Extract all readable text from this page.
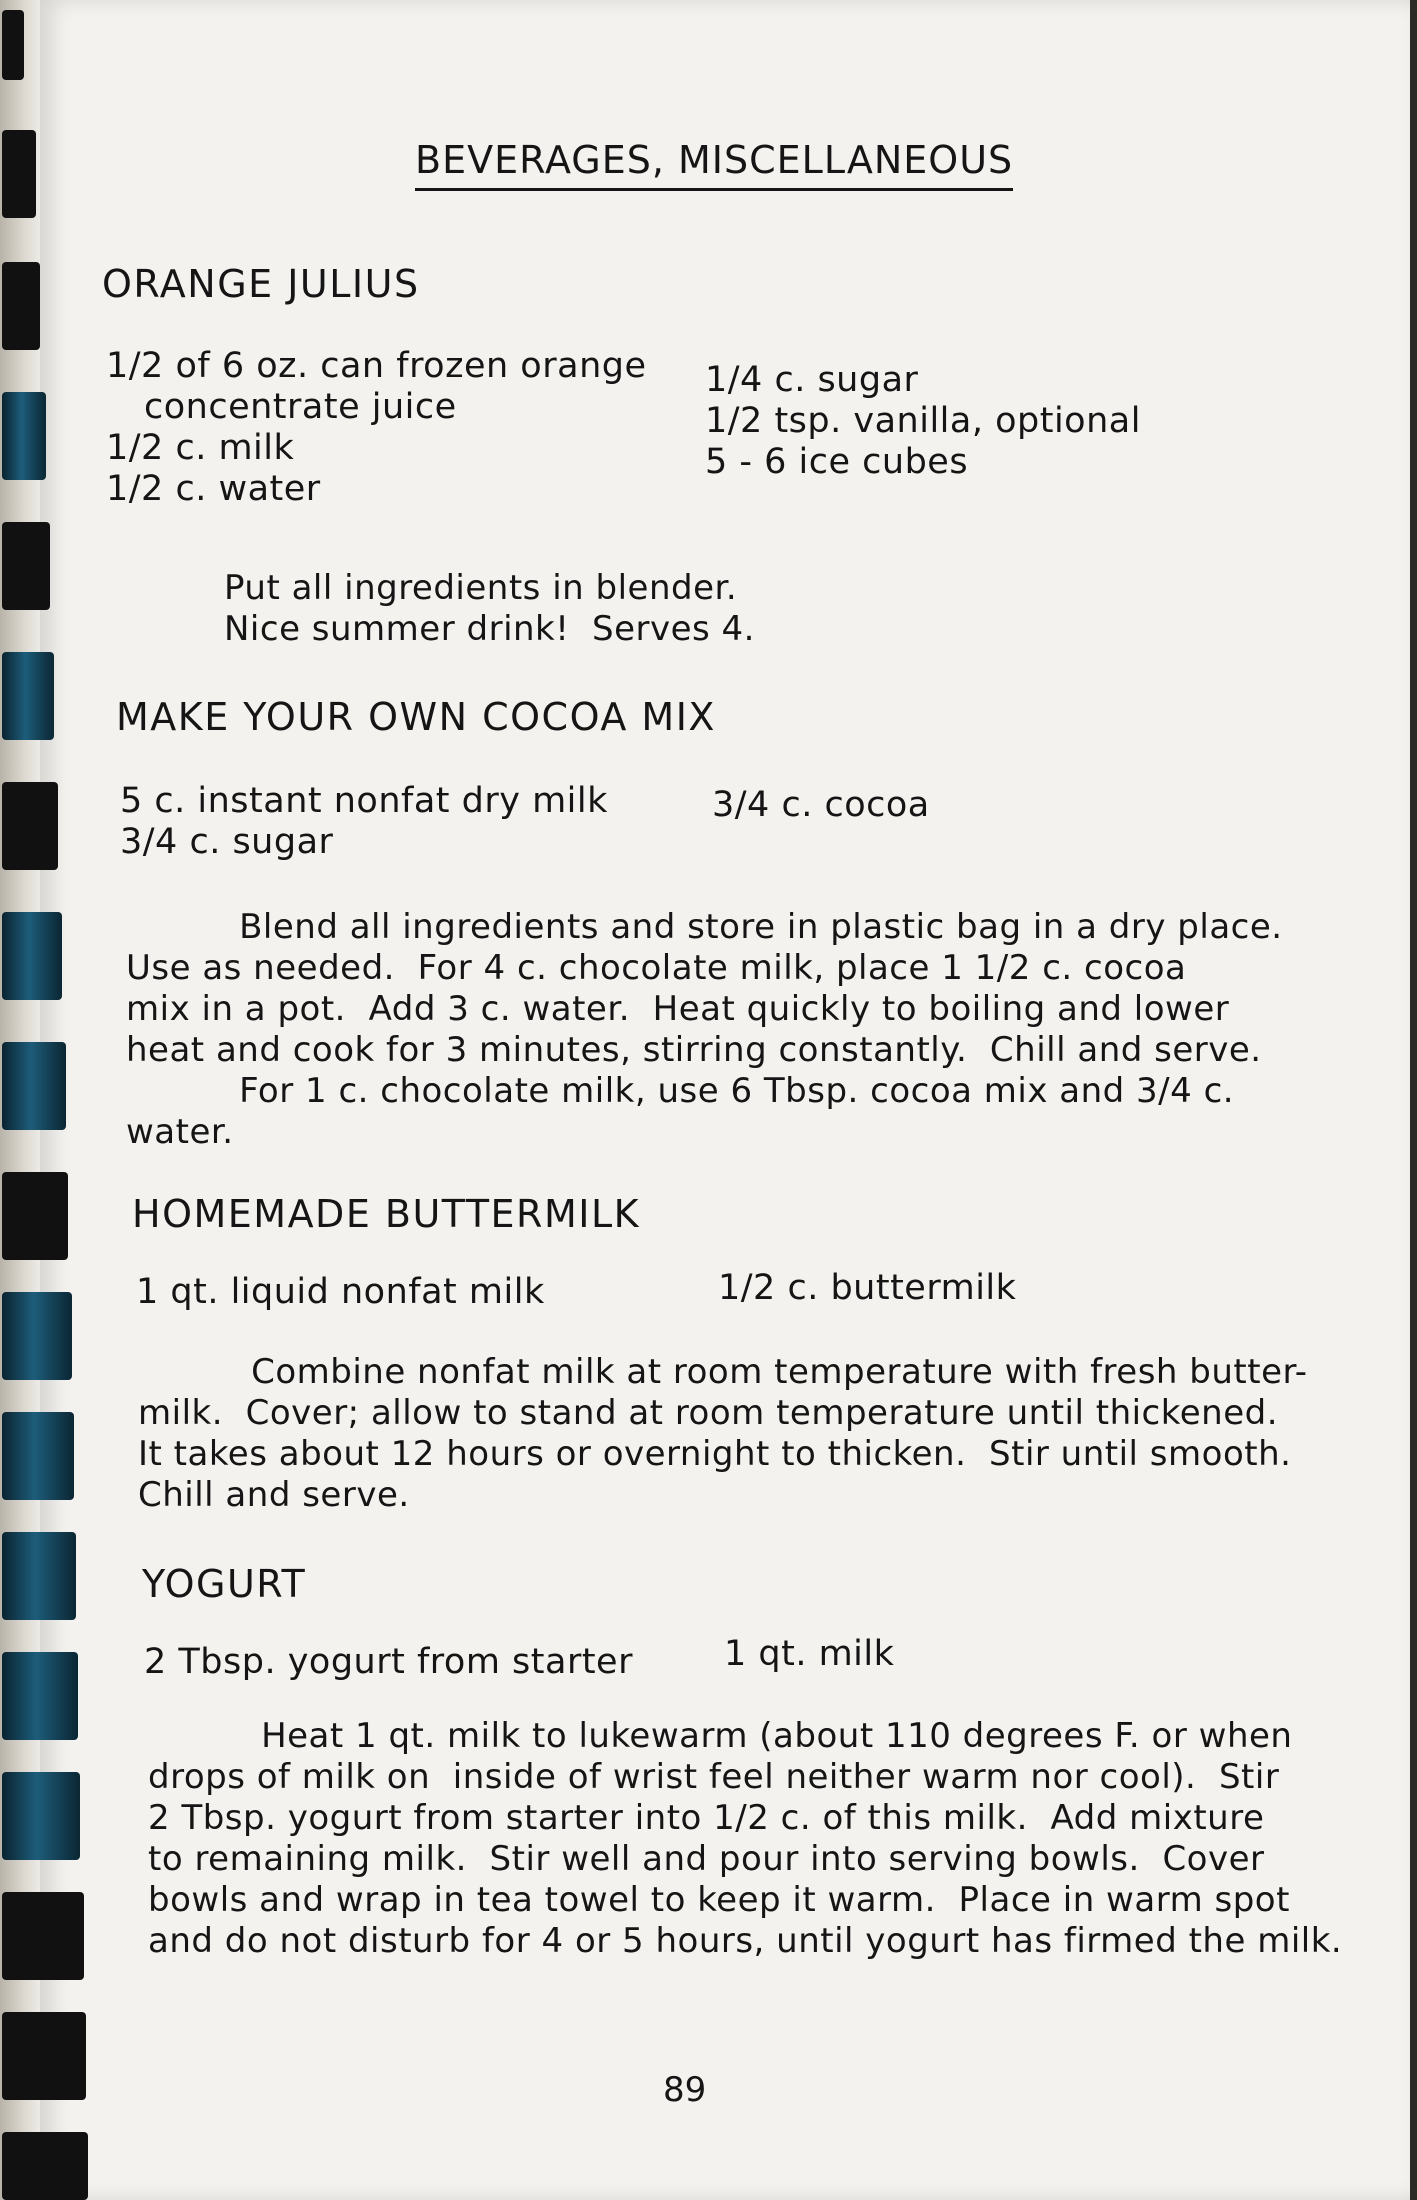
BEVERAGES, MISCELLANEOUS
ORANGE JULIUS
1/2 of 6 oz. can frozen orange
concentrate juice
1/2 c. milk
1/2 c. water
1/4 c. sugar
1/2 tsp. vanilla, optional
5 - 6 ice cubes
Put all ingredients in blender.
Nice summer drink!  Serves 4.
MAKE YOUR OWN COCOA MIX
5 c. instant nonfat dry milk
3/4 c. sugar
3/4 c. cocoa
Blend all ingredients and store in plastic bag in a dry place.
Use as needed.  For 4 c. chocolate milk, place 1 1/2 c. cocoa
mix in a pot.  Add 3 c. water.  Heat quickly to boiling and lower
heat and cook for 3 minutes, stirring constantly.  Chill and serve.
For 1 c. chocolate milk, use 6 Tbsp. cocoa mix and 3/4 c.
water.
HOMEMADE BUTTERMILK
1 qt. liquid nonfat milk	1/2 c. buttermilk
Combine nonfat milk at room temperature with fresh butter-
milk.  Cover; allow to stand at room temperature until thickened.
It takes about 12 hours or overnight to thicken.  Stir until smooth.
Chill and serve.
YOGURT
2 Tbsp. yogurt from starter	1 qt. milk
Heat 1 qt. milk to lukewarm (about 110 degrees F. or when
drops of milk on  inside of wrist feel neither warm nor cool).  Stir
2 Tbsp. yogurt from starter into 1/2 c. of this milk.  Add mixture
to remaining milk.  Stir well and pour into serving bowls.  Cover
bowls and wrap in tea towel to keep it warm.  Place in warm spot
and do not disturb for 4 or 5 hours, until yogurt has firmed the milk.
89
